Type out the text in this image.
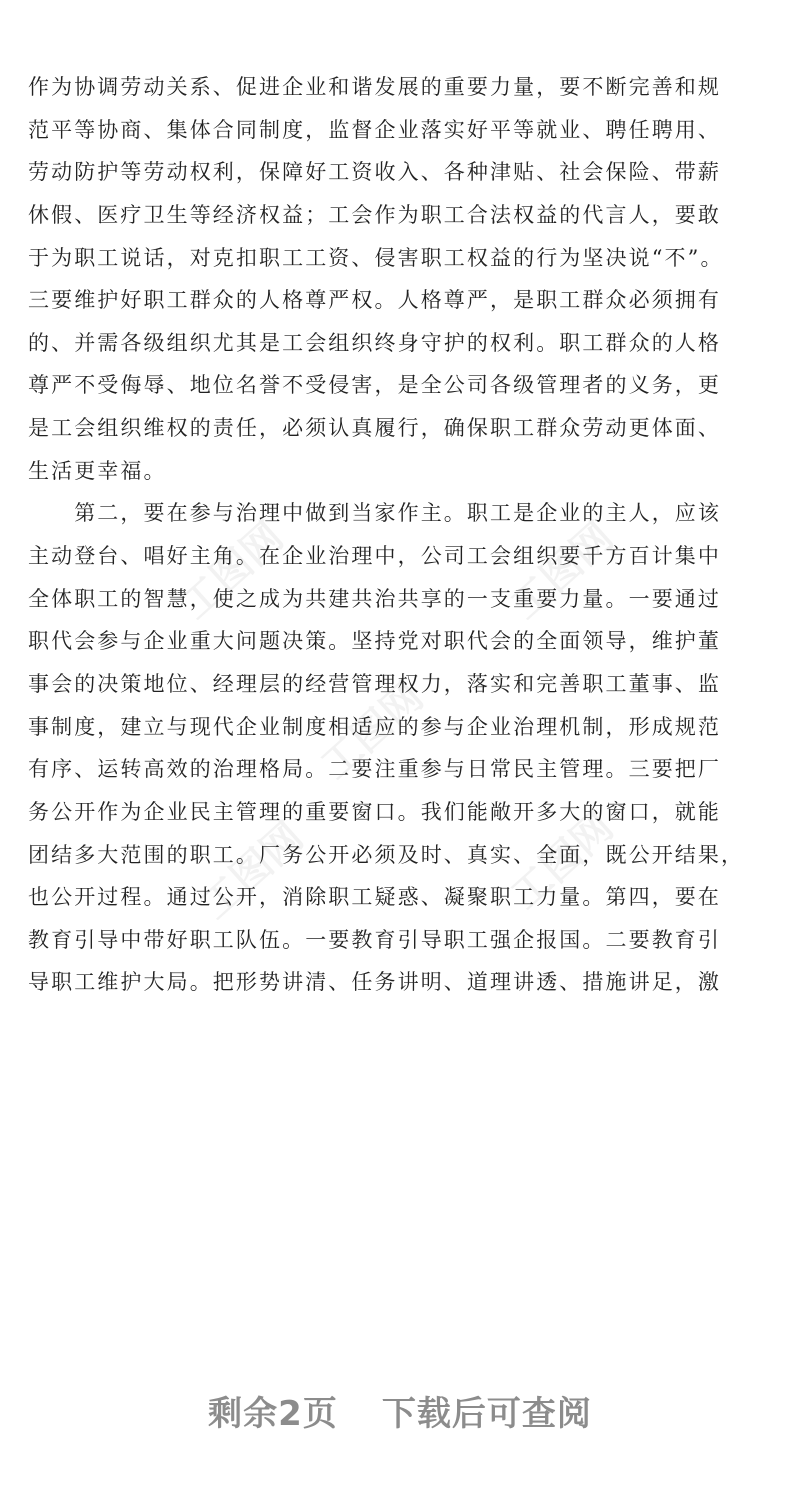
工图网	工图网
工图网
工图网	工图网
作为协调劳动关系、促进企业和谐发展的重要力量，要不断完善和规
范平等协商、集体合同制度，监督企业落实好平等就业、聘任聘用、
劳动防护等劳动权利，保障好工资收入、各种津贴、社会保险、带薪
休假、医疗卫生等经济权益；工会作为职工合法权益的代言人，要敢
于为职工说话，对克扣职工工资、侵害职工权益的行为坚决说“不”。
三要维护好职工群众的人格尊严权。人格尊严，是职工群众必须拥有
的、并需各级组织尤其是工会组织终身守护的权利。职工群众的人格
尊严不受侮辱、地位名誉不受侵害，是全公司各级管理者的义务，更
是工会组织维权的责任，必须认真履行，确保职工群众劳动更体面、
生活更幸福。
　　第二，要在参与治理中做到当家作主。职工是企业的主人，应该
主动登台、唱好主角。在企业治理中，公司工会组织要千方百计集中
全体职工的智慧，使之成为共建共治共享的一支重要力量。一要通过
职代会参与企业重大问题决策。坚持党对职代会的全面领导，维护董
事会的决策地位、经理层的经营管理权力，落实和完善职工董事、监
事制度，建立与现代企业制度相适应的参与企业治理机制，形成规范
有序、运转高效的治理格局。二要注重参与日常民主管理。三要把厂
务公开作为企业民主管理的重要窗口。我们能敞开多大的窗口，就能
团结多大范围的职工。厂务公开必须及时、真实、全面，既公开结果，
也公开过程。通过公开，消除职工疑惑、凝聚职工力量。第四，要在
教育引导中带好职工队伍。一要教育引导职工强企报国。二要教育引
导职工维护大局。把形势讲清、任务讲明、道理讲透、措施讲足，激
剩余2页 下载后可查阅
